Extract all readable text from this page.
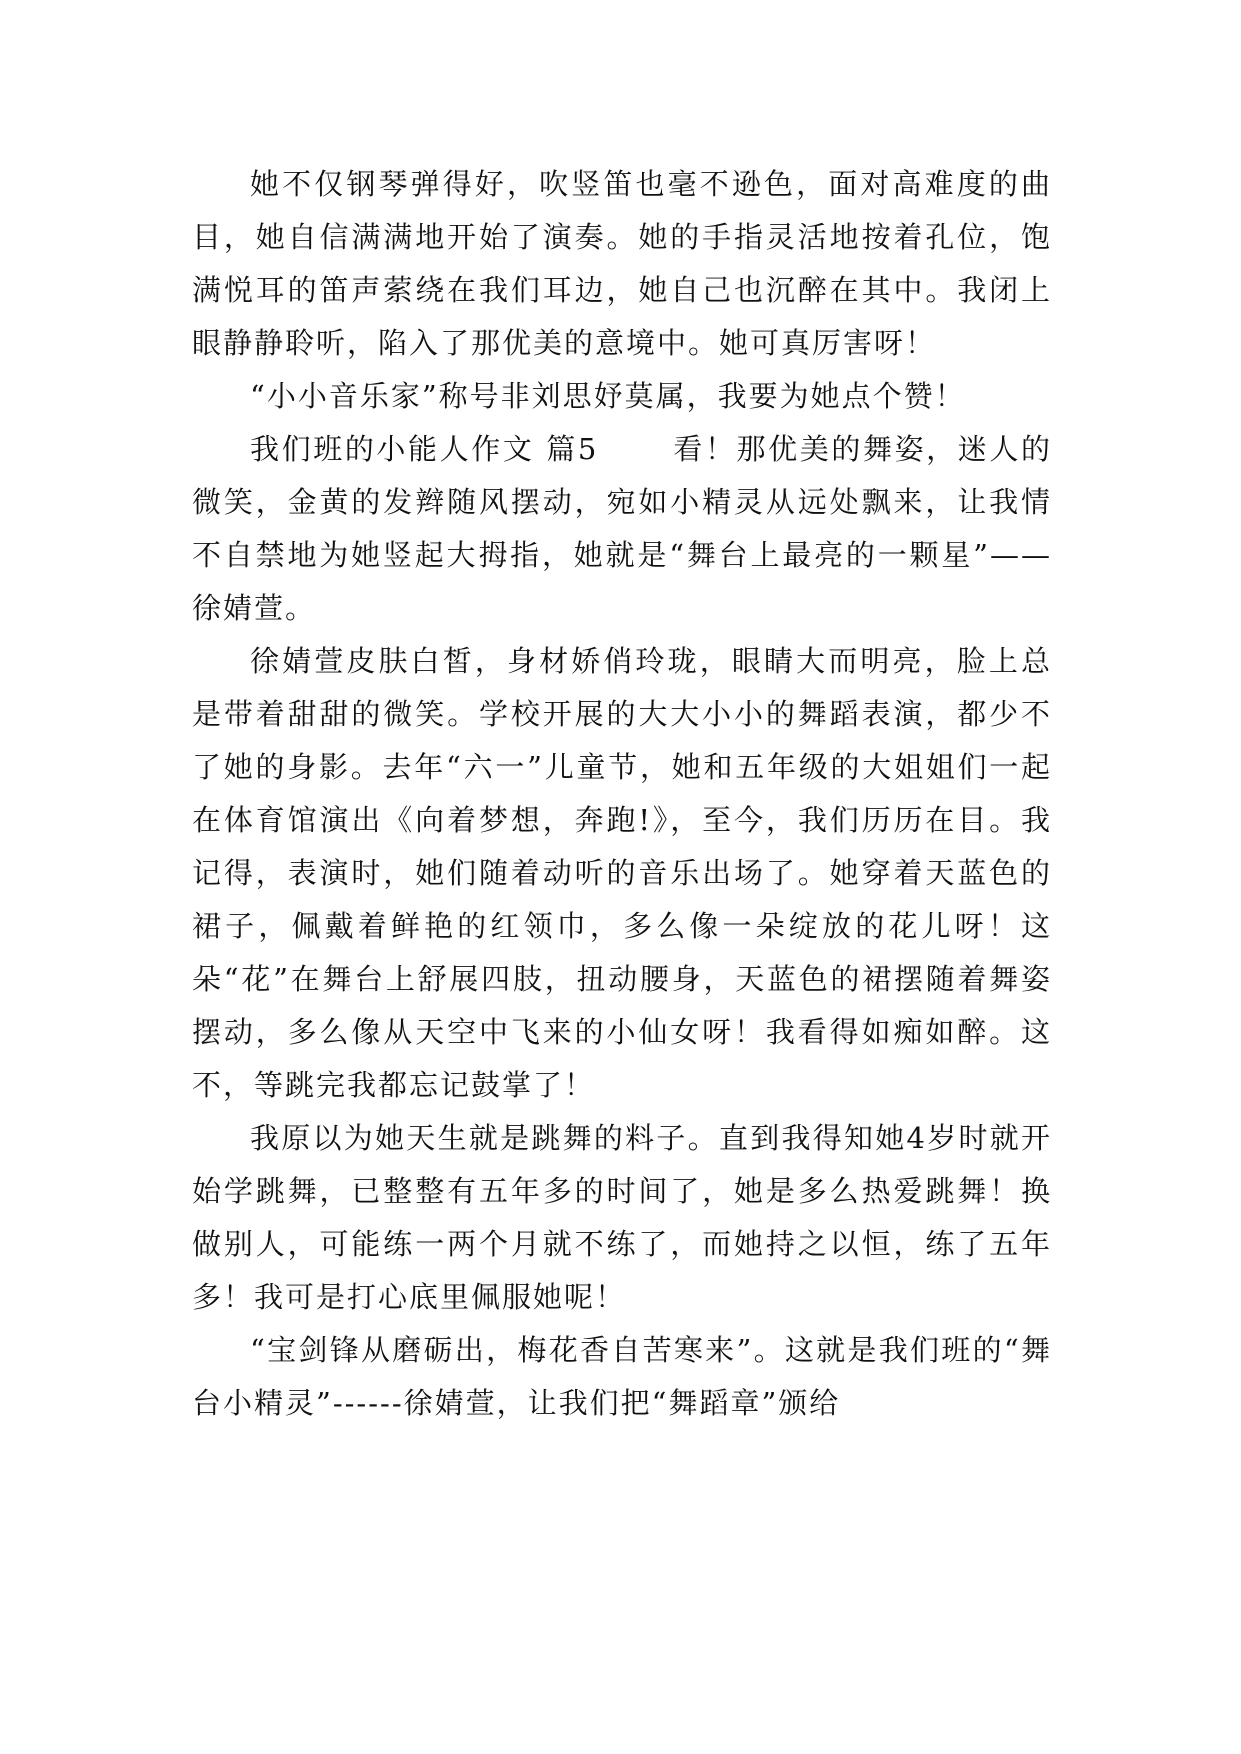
她不仅钢琴弹得好，吹竖笛也毫不逊色，面对高难度的曲目，她自信满满地开始了演奏。她的手指灵活地按着孔位，饱满悦耳的笛声萦绕在我们耳边，她自己也沉醉在其中。我闭上眼静静聆听，陷入了那优美的意境中。她可真厉害呀！

“小小音乐家”称号非刘思妤莫属，我要为她点个赞！

我们班的小能人作文 篇5 　　看！那优美的舞姿，迷人的微笑，金黄的发辫随风摆动，宛如小精灵从远处飘来，让我情不自禁地为她竖起大拇指，她就是“舞台上最亮的一颗星”——徐婧萱。

徐婧萱皮肤白皙，身材娇俏玲珑，眼睛大而明亮，脸上总是带着甜甜的微笑。学校开展的大大小小的舞蹈表演，都少不了她的身影。去年“六一”儿童节，她和五年级的大姐姐们一起在体育馆演出《向着梦想，奔跑!》，至今，我们历历在目。我记得，表演时，她们随着动听的音乐出场了。她穿着天蓝色的裙子，佩戴着鲜艳的红领巾，多么像一朵绽放的花儿呀！这朵“花”在舞台上舒展四肢，扭动腰身，天蓝色的裙摆随着舞姿摆动，多么像从天空中飞来的小仙女呀！我看得如痴如醉。这不，等跳完我都忘记鼓掌了！

我原以为她天生就是跳舞的料子。直到我得知她4岁时就开始学跳舞，已整整有五年多的时间了，她是多么热爱跳舞！换做别人，可能练一两个月就不练了，而她持之以恒，练了五年多！我可是打心底里佩服她呢！

“宝剑锋从磨砺出，梅花香自苦寒来”。这就是我们班的“舞台小精灵”------徐婧萱，让我们把“舞蹈章”颁给
